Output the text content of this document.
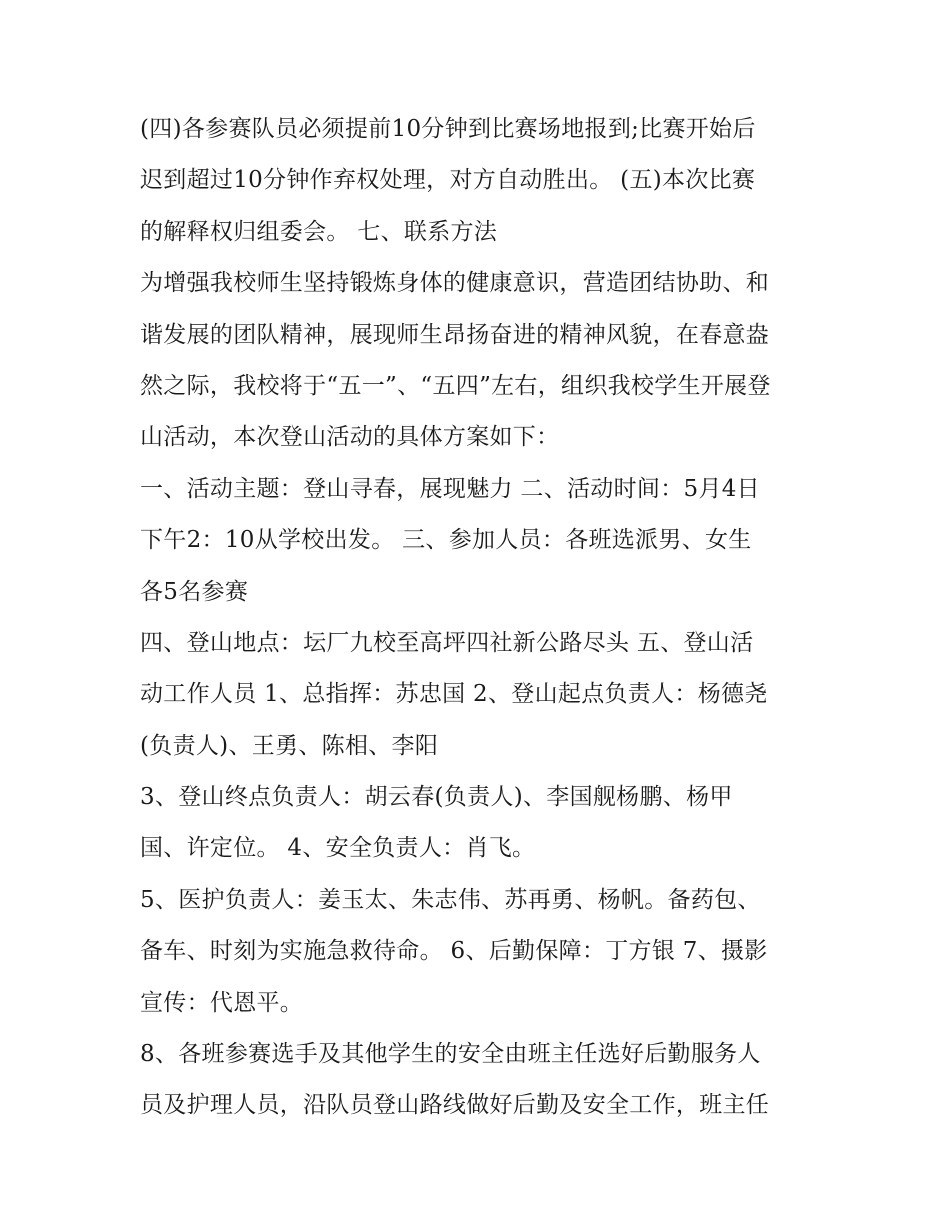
(四)各参赛队员必须提前10分钟到比赛场地报到;比赛开始后
迟到超过10分钟作弃权处理，对方自动胜出。 (五)本次比赛
的解释权归组委会。 七、联系方法

为增强我校师生坚持锻炼身体的健康意识，营造团结协助、和
谐发展的团队精神，展现师生昂扬奋进的精神风貌，在春意盎
然之际，我校将于“五一”、“五四”左右，组织我校学生开展登
山活动，本次登山活动的具体方案如下：

一、活动主题：登山寻春，展现魅力 二、活动时间：5月4日
下午2：10从学校出发。 三、参加人员：各班选派男、女生
各5名参赛

四、登山地点：坛厂九校至高坪四社新公路尽头 五、登山活
动工作人员 1、总指挥：苏忠国 2、登山起点负责人：杨德尧
(负责人)、王勇、陈相、李阳

3、登山终点负责人：胡云春(负责人)、李国舰杨鹏、杨甲
国、许定位。 4、安全负责人：肖飞。

5、医护负责人：姜玉太、朱志伟、苏再勇、杨帆。备药包、
备车、时刻为实施急救待命。 6、后勤保障：丁方银 7、摄影
宣传：代恩平。

8、各班参赛选手及其他学生的安全由班主任选好后勤服务人
员及护理人员，沿队员登山路线做好后勤及安全工作，班主任
